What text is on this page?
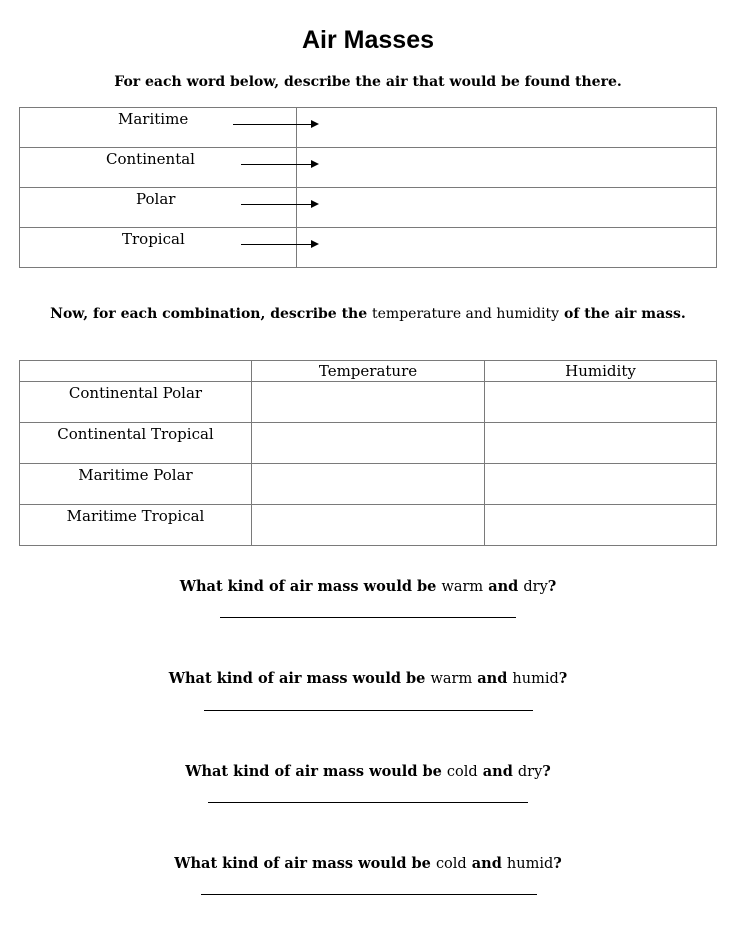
Air Masses
For each word below, describe the air that would be found there.
Maritime	

Continental	

Polar	

Tropical	

Now, for each combination, describe the temperature and humidity of the air mass.
	Temperature	Humidity
Continental Polar		
Continental Tropical		
Maritime Polar		
Maritime Tropical		
What kind of air mass would be warm and dry?
What kind of air mass would be warm and humid?
What kind of air mass would be cold and dry?
What kind of air mass would be cold and humid?
